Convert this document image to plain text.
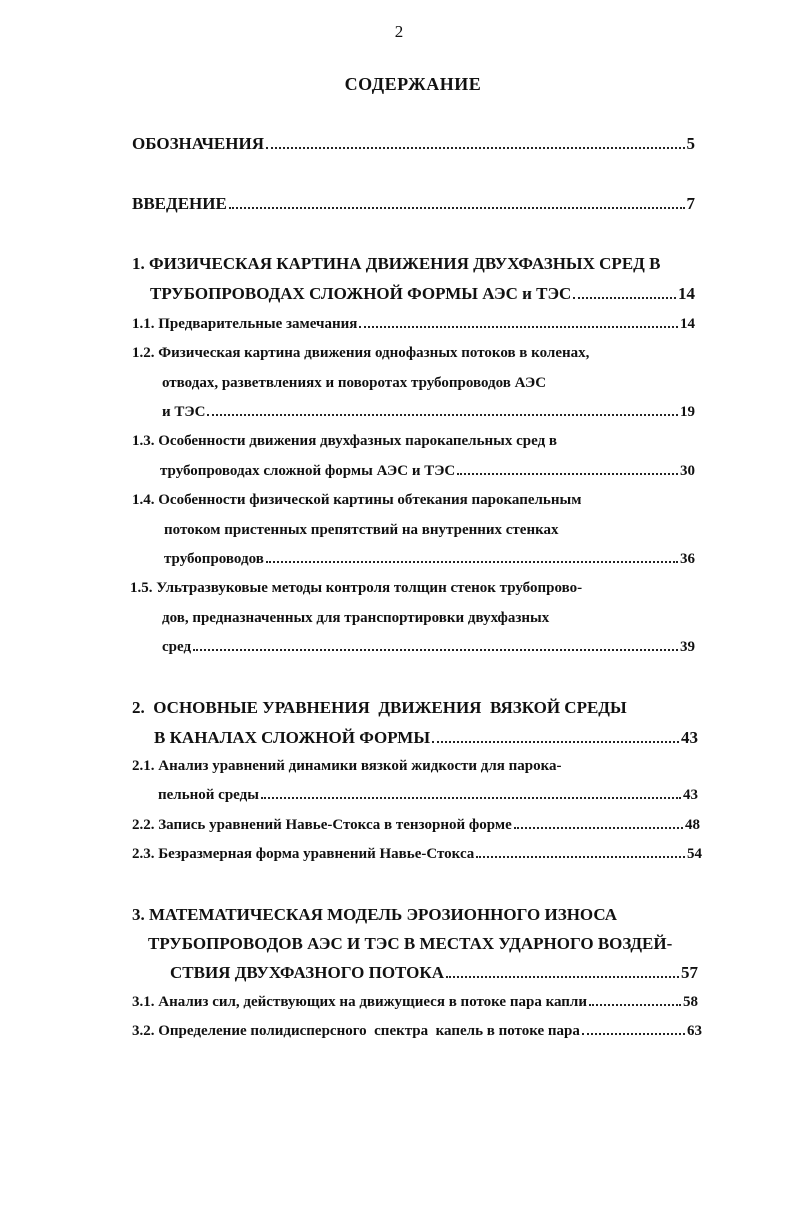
2
СОДЕРЖАНИЕ
ОБОЗНАЧЕНИЯ	5
ВВЕДЕНИЕ	7
1. ФИЗИЧЕСКАЯ КАРТИНА ДВИЖЕНИЯ ДВУХФАЗНЫХ СРЕД В
ТРУБОПРОВОДАХ СЛОЖНОЙ ФОРМЫ АЭС и ТЭС	14
1.1. Предварительные замечания	14
1.2. Физическая картина движения однофазных потоков в коленах,
отводах, разветвлениях и поворотах трубопроводов АЭС
и ТЭС	19
1.3. Особенности движения двухфазных парокапельных сред в
трубопроводах сложной формы АЭС и ТЭС	30
1.4. Особенности физической картины обтекания парокапельным
потоком пристенных препятствий на внутренних стенках
трубопроводов	36
1.5. Ультразвуковые методы контроля толщин стенок трубопрово-
дов, предназначенных для транспортировки двухфазных
сред	39
2.  ОСНОВНЫЕ УРАВНЕНИЯ  ДВИЖЕНИЯ  ВЯЗКОЙ СРЕДЫ
В КАНАЛАХ СЛОЖНОЙ ФОРМЫ	43
2.1. Анализ уравнений динамики вязкой жидкости для парока-
пельной среды	43
2.2. Запись уравнений Навье-Стокса в тензорной форме	48
2.3. Безразмерная форма уравнений Навье-Стокса	54
3. МАТЕМАТИЧЕСКАЯ МОДЕЛЬ ЭРОЗИОННОГО ИЗНОСА
ТРУБОПРОВОДОВ АЭС И ТЭС В МЕСТАХ УДАРНОГО ВОЗДЕЙ-
СТВИЯ ДВУХФАЗНОГО ПОТОКА	57
3.1. Анализ сил, действующих на движущиеся в потоке пара капли	58
3.2. Определение полидисперсного  спектра  капель в потоке пара	63
